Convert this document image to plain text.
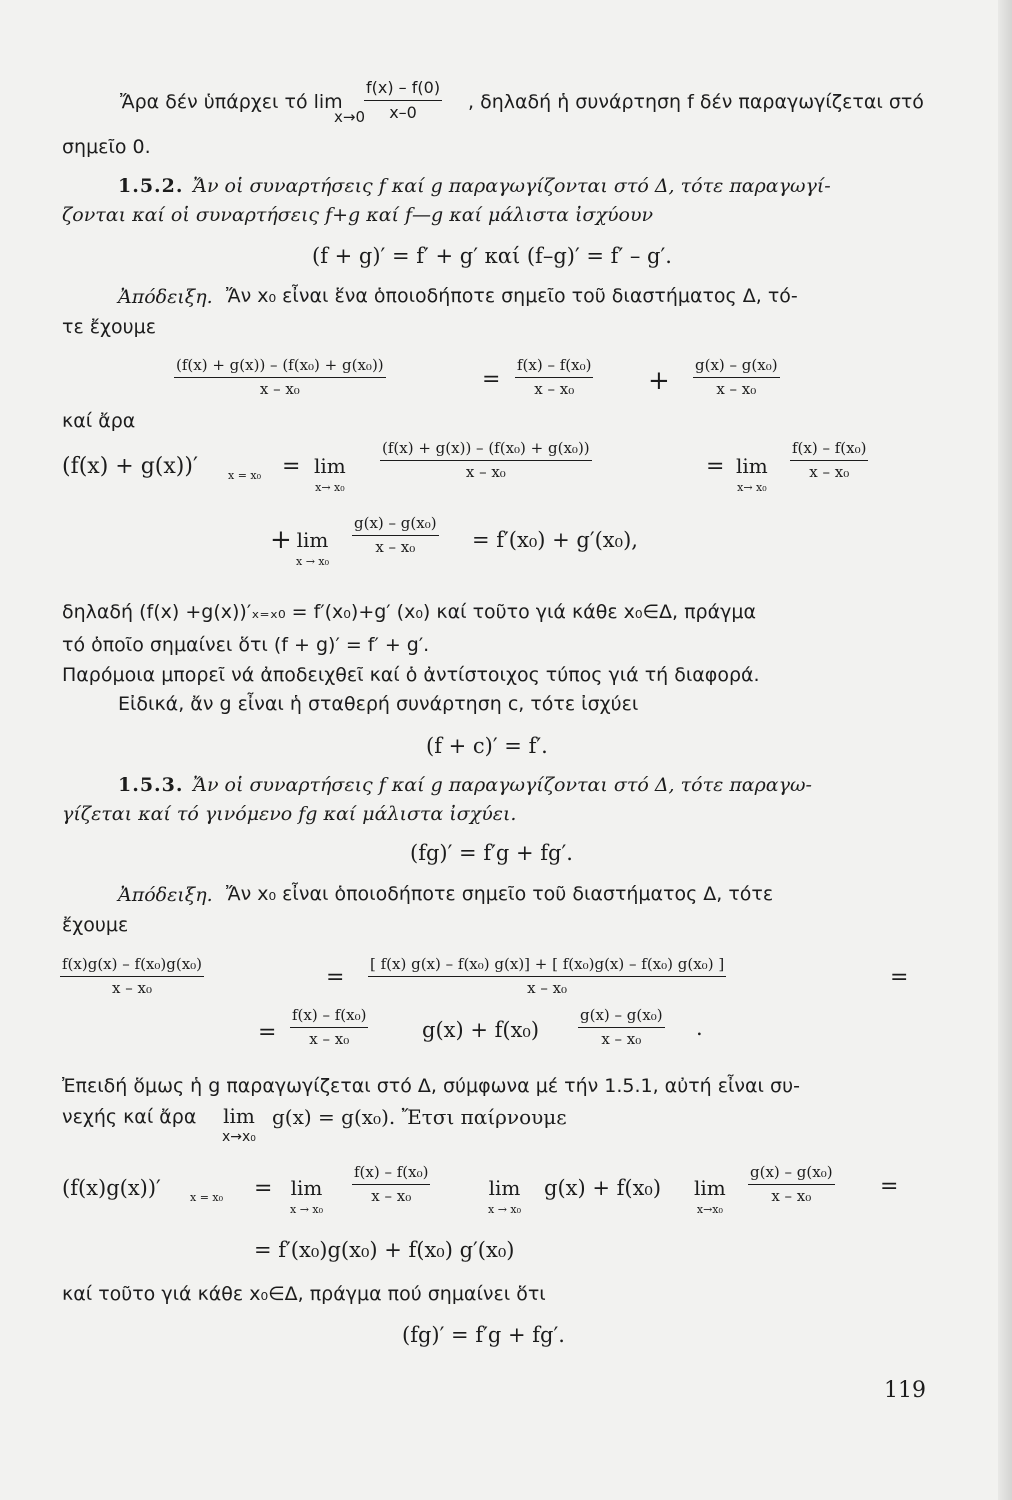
Ἄρα δέν ὑπάρχει τό lim
x→0
f(x) – f(0)
x–0	, δηλαδή ἡ συνάρτηση f δέν παραγωγίζεται στό
σημεῖο 0.
1.5.2. Ἄν οἱ συναρτήσεις f καί g παραγωγίζονται στό Δ, τότε παραγωγί-
ζονται καί οἱ συναρτήσεις f+g καί f—g καί μάλιστα ἰσχύουν
(f + g)′ = f′ + g′ καί (f–g)′ = f′ – g′.
Ἀπόδειξη. Ἄν x₀ εἶναι ἕνα ὁποιοδήποτε σημεῖο τοῦ διαστήματος Δ, τό-
τε ἔχουμε
(f(x) + g(x)) – (f(x₀) + g(x₀))
x – x₀	=
f(x) – f(x₀)
x – x₀	+
g(x) – g(x₀)
x – x₀
καί ἄρα
(f(x) + g(x))′	x = x₀ = lim
x→ x₀
(f(x) + g(x)) – (f(x₀) + g(x₀))
x – x₀	= lim
x→ x₀
f(x) – f(x₀)
x – x₀
+ lim
x → x₀
g(x) – g(x₀)
x – x₀	= f′(x₀) + g′(x₀),
δηλαδή (f(x) +g(x))′ₓ₌ₓ₀ = f′(x₀)+g′ (x₀) καί τοῦτο γιά κάθε x₀∈Δ, πράγμα
τό ὁποῖο σημαίνει ὅτι (f + g)′ = f′ + g′.
Παρόμοια μπορεῖ νά ἀποδειχθεῖ καί ὁ ἀντίστοιχος τύπος γιά τή διαφορά.
Εἰδικά, ἄν g εἶναι ἡ σταθερή συνάρτηση c, τότε ἰσχύει
(f + c)′ = f′.
1.5.3. Ἄν οἱ συναρτήσεις f καί g παραγωγίζονται στό Δ, τότε παραγω-
γίζεται καί τό γινόμενο fg καί μάλιστα ἰσχύει.
(fg)′ = f′g + fg′.
Ἀπόδειξη. Ἄν x₀ εἶναι ὁποιοδήποτε σημεῖο τοῦ διαστήματος Δ, τότε
ἔχουμε
f(x)g(x) – f(x₀)g(x₀)
x – x₀	=
[ f(x) g(x) – f(x₀) g(x)] + [ f(x₀)g(x) – f(x₀) g(x₀) ]
x – x₀	=
=
f(x) – f(x₀)
x – x₀	g(x) + f(x₀)
g(x) – g(x₀)
x – x₀	.
Ἐπειδή ὅμως ἡ g παραγωγίζεται στό Δ, σύμφωνα μέ τήν 1.5.1, αὐτή εἶναι συ-
νεχής καί ἄρα lim
x→x₀
g(x) = g(x₀). Ἔτσι παίρνουμε
(f(x)g(x))′	x = x₀ = lim
x → x₀
f(x) – f(x₀)
x – x₀	lim
x → x₀
g(x) + f(x₀) lim
x→x₀
g(x) – g(x₀)
x – x₀	=
= f′(x₀)g(x₀) + f(x₀) g′(x₀)
καί τοῦτο γιά κάθε x₀∈Δ, πράγμα πού σημαίνει ὅτι
(fg)′ = f′g + fg′.
119
